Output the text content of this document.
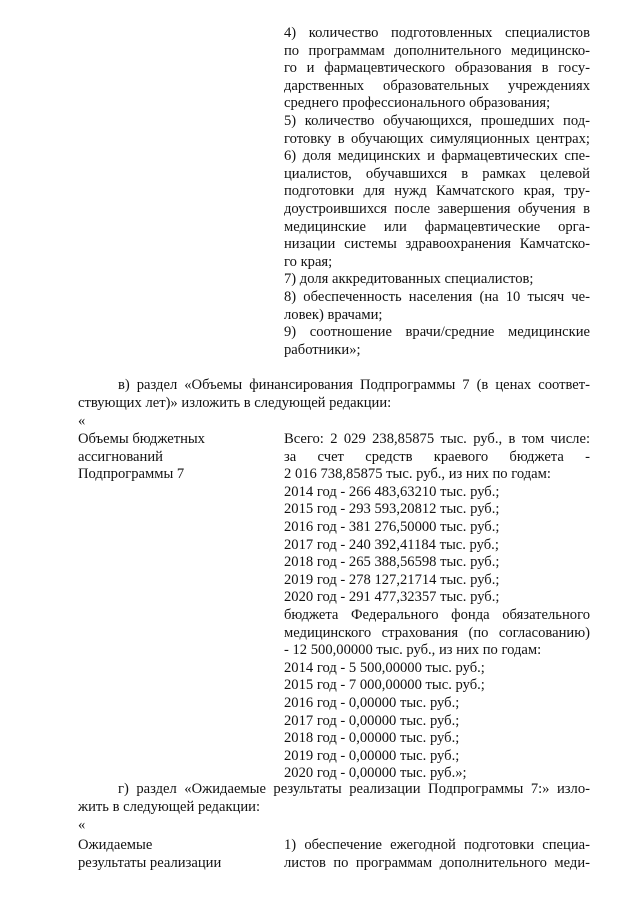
4) количество подготовленных специалистов
по программам дополнительного медицинско-
го и фармацевтического образования в госу-
дарственных образовательных учреждениях
среднего профессионального образования;
5) количество обучающихся, прошедших под-
готовку в обучающих симуляционных центрах;
6) доля медицинских и фармацевтических спе-
циалистов, обучавшихся в рамках целевой
подготовки для нужд Камчатского края, тру-
доустроившихся после завершения обучения в
медицинские или фармацевтические орга-
низации системы здравоохранения Камчатско-
го края;
7) доля аккредитованных специалистов;
8) обеспеченность населения (на 10 тысяч че-
ловек) врачами;
9) соотношение врачи/средние медицинские
работники»;
в) раздел «Объемы финансирования Подпрограммы 7 (в ценах соответ-
ствующих лет)» изложить в следующей редакции:
«
Объемы бюджетных
ассигнований
Подпрограммы 7
Всего: 2 029 238,85875 тыс. руб., в том числе:
за счет средств краевого бюджета -
2 016 738,85875 тыс. руб., из них по годам:
2014 год - 266 483,63210 тыс. руб.;
2015 год - 293 593,20812 тыс. руб.;
2016 год - 381 276,50000 тыс. руб.;
2017 год - 240 392,41184 тыс. руб.;
2018 год - 265 388,56598 тыс. руб.;
2019 год - 278 127,21714 тыс. руб.;
2020 год - 291 477,32357 тыс. руб.;
бюджета Федерального фонда обязательного
медицинского страхования (по согласованию)
- 12 500,00000 тыс. руб., из них по годам:
2014 год - 5 500,00000 тыс. руб.;
2015 год - 7 000,00000 тыс. руб.;
2016 год - 0,00000 тыс. руб.;
2017 год - 0,00000 тыс. руб.;
2018 год - 0,00000 тыс. руб.;
2019 год - 0,00000 тыс. руб.;
2020 год - 0,00000 тыс. руб.»;
г) раздел «Ожидаемые результаты реализации Подпрограммы 7:» изло-
жить в следующей редакции:
«
Ожидаемые
результаты реализации
1) обеспечение ежегодной подготовки специа-
листов по программам дополнительного меди-
